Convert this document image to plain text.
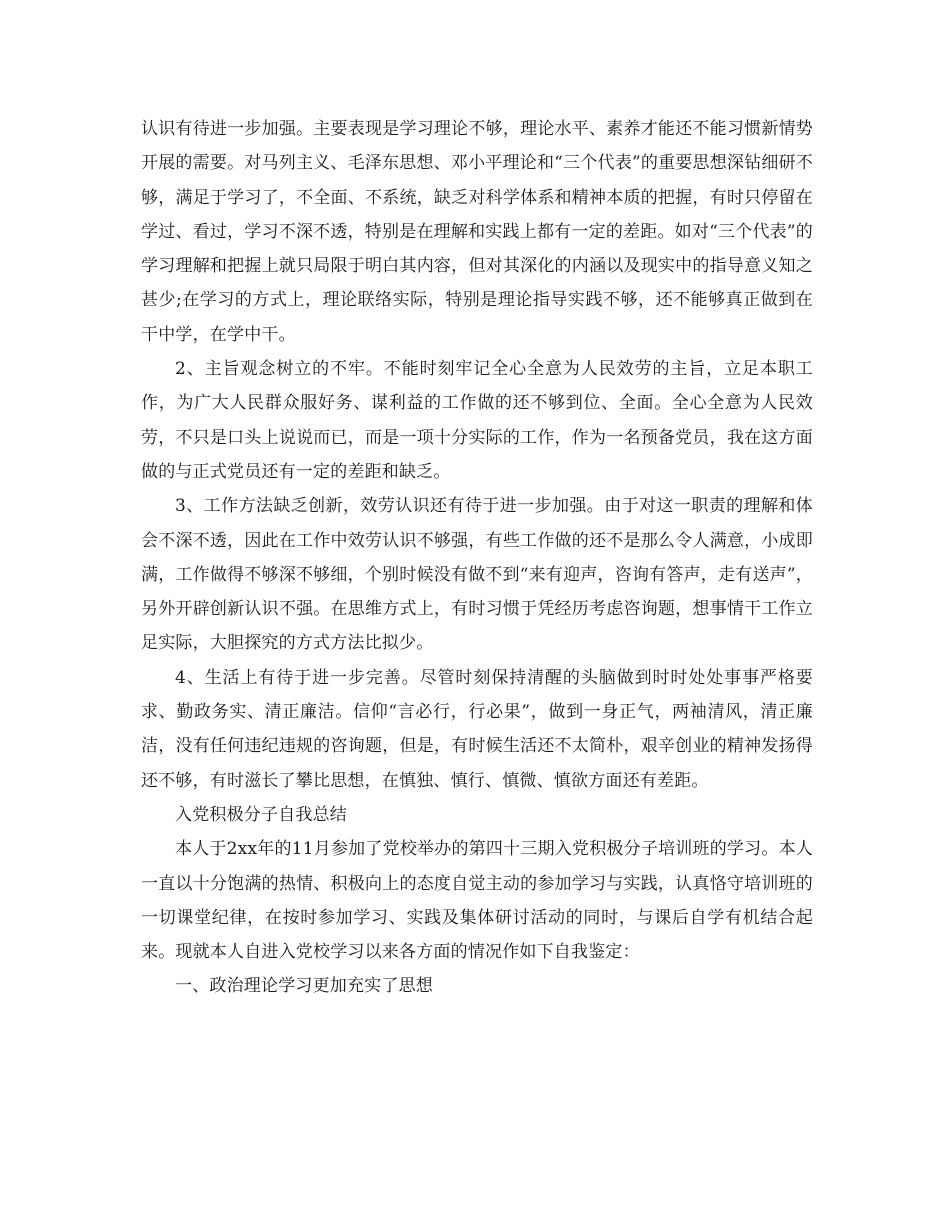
认识有待进一步加强。主要表现是学习理论不够，理论水平、素养才能还不能习惯新情势开展的需要。对马列主义、毛泽东思想、邓小平理论和“三个代表”的重要思想深钻细研不够，满足于学习了，不全面、不系统，缺乏对科学体系和精神本质的把握，有时只停留在学过、看过，学习不深不透，特别是在理解和实践上都有一定的差距。如对“三个代表”的学习理解和把握上就只局限于明白其内容，但对其深化的内涵以及现实中的指导意义知之甚少;在学习的方式上，理论联络实际，特别是理论指导实践不够，还不能够真正做到在干中学，在学中干。

2、主旨观念树立的不牢。不能时刻牢记全心全意为人民效劳的主旨，立足本职工作，为广大人民群众服好务、谋利益的工作做的还不够到位、全面。全心全意为人民效劳，不只是口头上说说而已，而是一项十分实际的工作，作为一名预备党员，我在这方面做的与正式党员还有一定的差距和缺乏。

3、工作方法缺乏创新，效劳认识还有待于进一步加强。由于对这一职责的理解和体会不深不透，因此在工作中效劳认识不够强，有些工作做的还不是那么令人满意，小成即满，工作做得不够深不够细，个别时候没有做不到“来有迎声，咨询有答声，走有送声”，另外开辟创新认识不强。在思维方式上，有时习惯于凭经历考虑咨询题，想事情干工作立足实际，大胆探究的方式方法比拟少。

4、生活上有待于进一步完善。尽管时刻保持清醒的头脑做到时时处处事事严格要求、勤政务实、清正廉洁。信仰“言必行，行必果”，做到一身正气，两袖清风，清正廉洁，没有任何违纪违规的咨询题，但是，有时候生活还不太简朴，艰辛创业的精神发扬得还不够，有时滋长了攀比思想，在慎独、慎行、慎微、慎欲方面还有差距。

入党积极分子自我总结

本人于2xx年的11月参加了党校举办的第四十三期入党积极分子培训班的学习。本人一直以十分饱满的热情、积极向上的态度自觉主动的参加学习与实践，认真恪守培训班的一切课堂纪律，在按时参加学习、实践及集体研讨活动的同时，与课后自学有机结合起来。现就本人自进入党校学习以来各方面的情况作如下自我鉴定：

一、政治理论学习更加充实了思想
